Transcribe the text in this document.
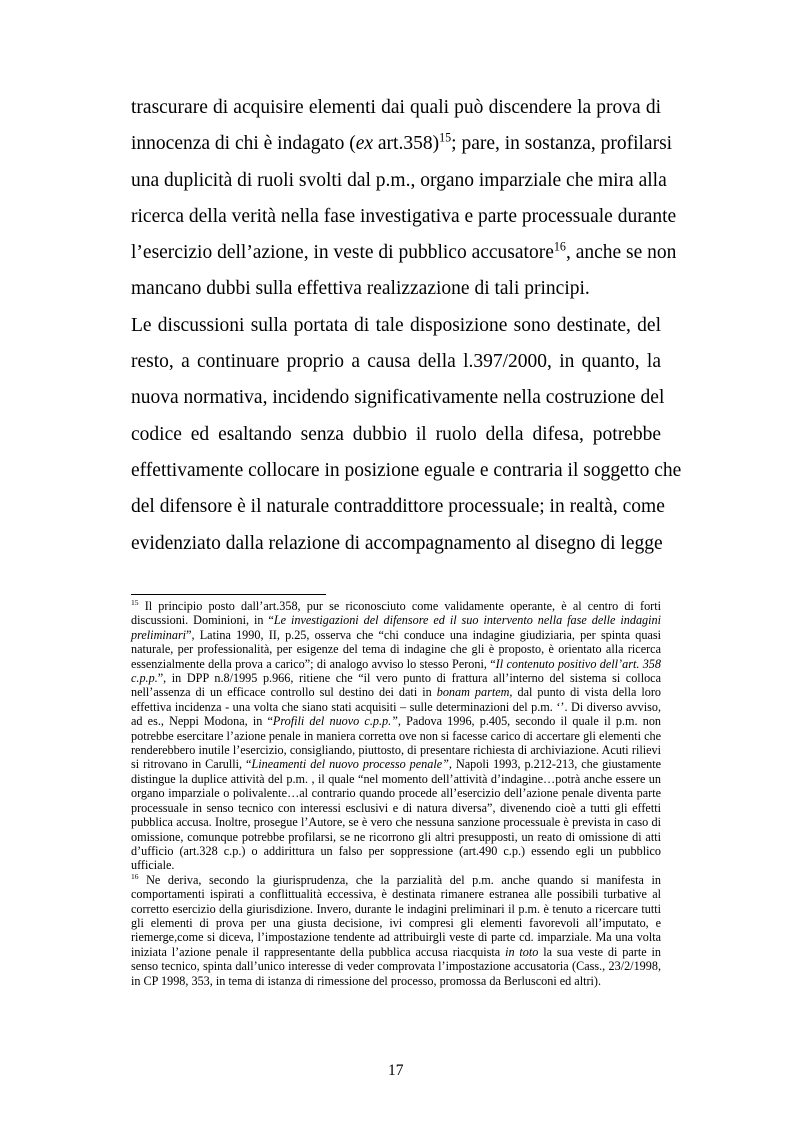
trascurare di acquisire elementi dai quali può discendere la prova di
innocenza di chi è indagato (ex art.358)$^{15}$; pare, in sostanza, profilarsi
una duplicità di ruoli svolti dal p.m., organo imparziale che mira alla
ricerca della verità nella fase investigativa e parte processuale durante
l’esercizio dell’azione, in veste di pubblico accusatore$^{16}$, anche se non
mancano dubbi sulla effettiva realizzazione di tali principi.
Le discussioni sulla portata di tale disposizione sono destinate, del
resto, a continuare proprio a causa della l.397/2000, in quanto, la
nuova normativa, incidendo significativamente nella costruzione del
codice ed esaltando senza dubbio il ruolo della difesa, potrebbe
effettivamente collocare in posizione eguale e contraria il soggetto che
del difensore è il naturale contraddittore processuale; in realtà, come
evidenziato dalla relazione di accompagnamento al disegno di legge

$^{15}$ Il principio posto dall’art.358, pur se riconosciuto come validamente operante, è al centro di forti discussioni. Dominioni, in “Le investigazioni del difensore ed il suo intervento nella fase delle indagini preliminari”, Latina 1990, II, p.25, osserva che “chi conduce una indagine giudiziaria, per spinta quasi naturale, per professionalità, per esigenze del tema di indagine che gli è proposto, è orientato alla ricerca essenzialmente della prova a carico”; di analogo avviso lo stesso Peroni, “Il contenuto positivo dell’art. 358 c.p.p.”, in DPP n.8/1995 p.966, ritiene che “il vero punto di frattura all’interno del sistema si colloca nell’assenza di un efficace controllo sul destino dei dati in bonam partem, dal punto di vista della loro effettiva incidenza - una volta che siano stati acquisiti – sulle determinazioni del p.m. ‘’. Di diverso avviso, ad es., Neppi Modona, in “Profili del nuovo c.p.p.”, Padova 1996, p.405, secondo il quale il p.m. non potrebbe esercitare l’azione penale in maniera corretta ove non si facesse carico di accertare gli elementi che renderebbero inutile l’esercizio, consigliando, piuttosto, di presentare richiesta di archiviazione. Acuti rilievi si ritrovano in Carulli, “Lineamenti del nuovo processo penale”, Napoli 1993, p.212-213, che giustamente distingue la duplice attività del p.m. , il quale “nel momento dell’attività d’indagine…potrà anche essere un organo imparziale o polivalente…al contrario quando procede all’esercizio dell’azione penale diventa parte processuale in senso tecnico con interessi esclusivi e di natura diversa”, divenendo cioè a tutti gli effetti pubblica accusa. Inoltre, prosegue l’Autore, se è vero che nessuna sanzione processuale è prevista in caso di omissione, comunque potrebbe profilarsi, se ne ricorrono gli altri presupposti, un reato di omissione di atti d’ufficio (art.328 c.p.) o addirittura un falso per soppressione (art.490 c.p.) essendo egli un pubblico ufficiale.

$^{16}$ Ne deriva, secondo la giurisprudenza, che la parzialità del p.m. anche quando si manifesta in comportamenti ispirati a conflittualità eccessiva, è destinata rimanere estranea alle possibili turbative al corretto esercizio della giurisdizione. Invero, durante le indagini preliminari il p.m. è tenuto a ricercare tutti gli elementi di prova per una giusta decisione, ivi compresi gli elementi favorevoli all’imputato, e riemerge,come si diceva, l’impostazione tendente ad attribuirgli veste di parte cd. imparziale. Ma una volta iniziata l’azione penale il rappresentante della pubblica accusa riacquista in toto la sua veste di parte in senso tecnico, spinta dall’unico interesse di veder comprovata l’impostazione accusatoria (Cass., 23/2/1998, in CP 1998, 353, in tema di istanza di rimessione del processo, promossa da Berlusconi ed altri).

17
